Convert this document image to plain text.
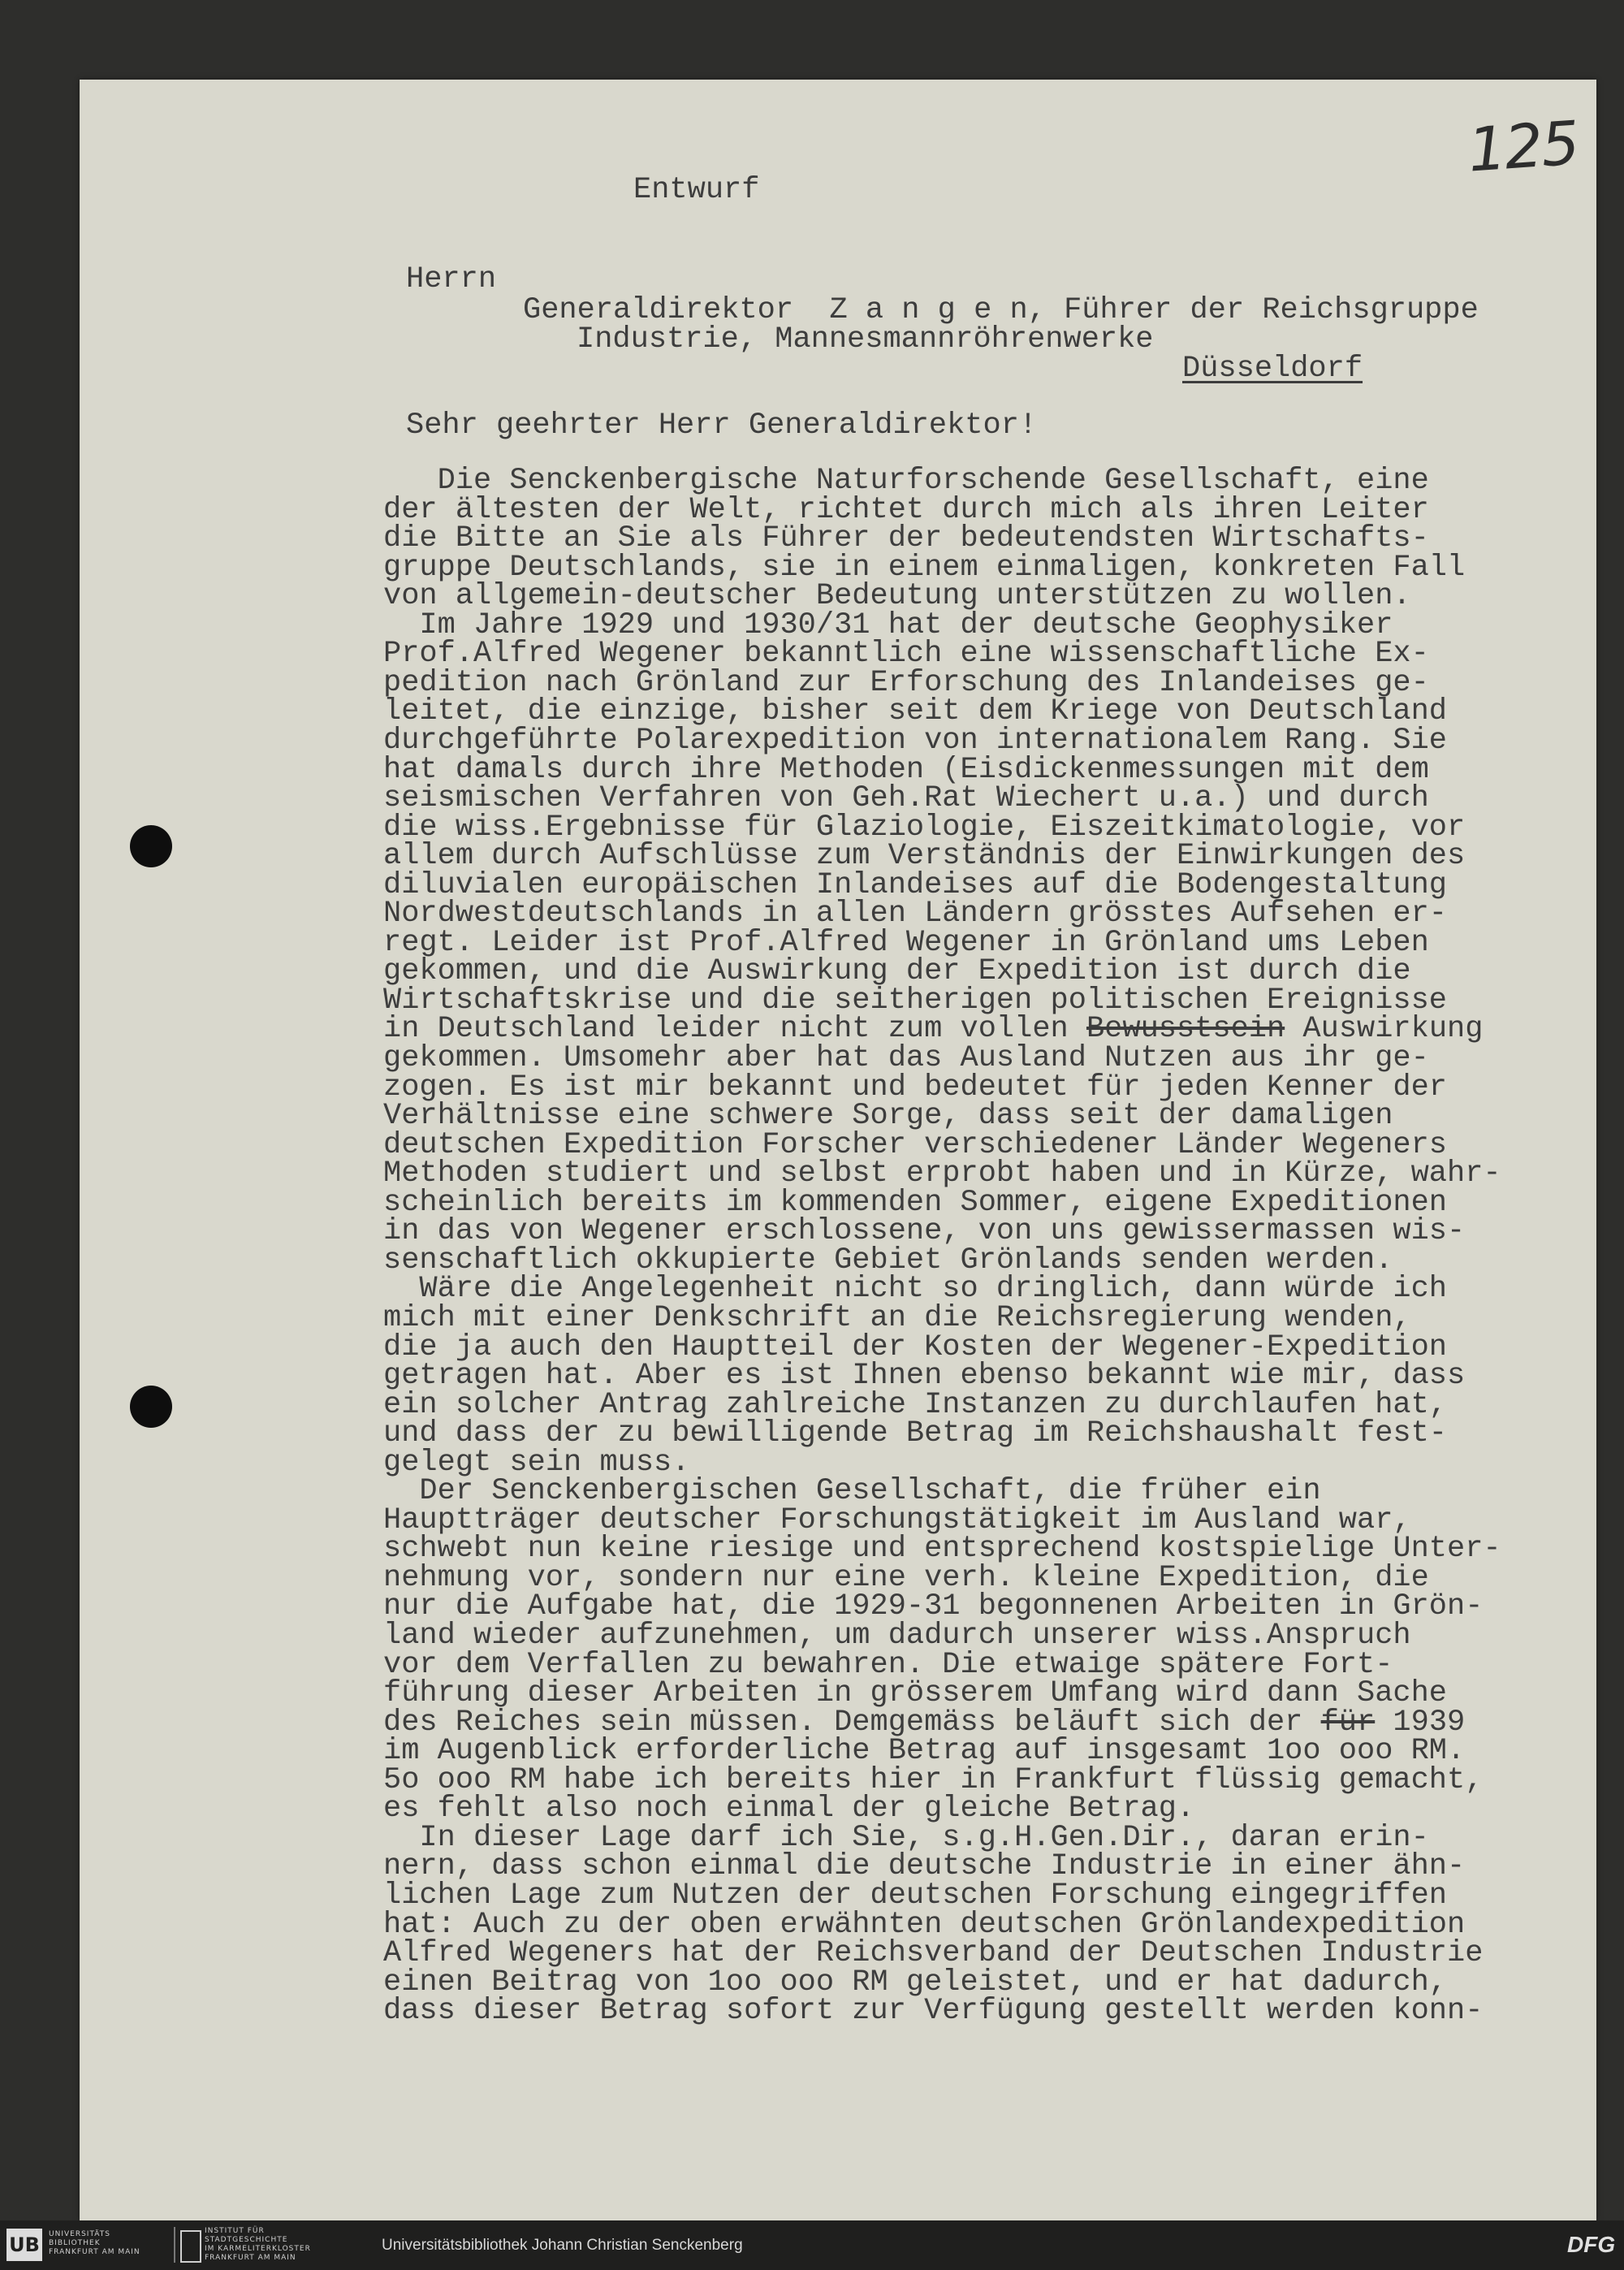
125
Entwurf
Herrn
Generaldirektor  Z a n g e n, Führer der Reichsgruppe
Industrie, Mannesmannröhrenwerke
Düsseldorf
Sehr geehrter Herr Generaldirektor!
Die Senckenbergische Naturforschende Gesellschaft, eine
der ältesten der Welt, richtet durch mich als ihren Leiter
die Bitte an Sie als Führer der bedeutendsten Wirtschafts-
gruppe Deutschlands, sie in einem einmaligen, konkreten Fall
von allgemein-deutscher Bedeutung unterstützen zu wollen.
Im Jahre 1929 und 1930/31 hat der deutsche Geophysiker
Prof.Alfred Wegener bekanntlich eine wissenschaftliche Ex-
pedition nach Grönland zur Erforschung des Inlandeises ge-
leitet, die einzige, bisher seit dem Kriege von Deutschland
durchgeführte Polarexpedition von internationalem Rang. Sie
hat damals durch ihre Methoden (Eisdickenmessungen mit dem
seismischen Verfahren von Geh.Rat Wiechert u.a.) und durch
die wiss.Ergebnisse für Glaziologie, Eiszeitkimatologie, vor
allem durch Aufschlüsse zum Verständnis der Einwirkungen des
diluvialen europäischen Inlandeises auf die Bodengestaltung
Nordwestdeutschlands in allen Ländern grösstes Aufsehen er-
regt. Leider ist Prof.Alfred Wegener in Grönland ums Leben
gekommen, und die Auswirkung der Expedition ist durch die
Wirtschaftskrise und die seitherigen politischen Ereignisse
in Deutschland leider nicht zum vollen Bewusstsein Auswirkung
gekommen. Umsomehr aber hat das Ausland Nutzen aus ihr ge-
zogen. Es ist mir bekannt und bedeutet für jeden Kenner der
Verhältnisse eine schwere Sorge, dass seit der damaligen
deutschen Expedition Forscher verschiedener Länder Wegeners
Methoden studiert und selbst erprobt haben und in Kürze, wahr-
scheinlich bereits im kommenden Sommer, eigene Expeditionen
in das von Wegener erschlossene, von uns gewissermassen wis-
senschaftlich okkupierte Gebiet Grönlands senden werden.
Wäre die Angelegenheit nicht so dringlich, dann würde ich
mich mit einer Denkschrift an die Reichsregierung wenden,
die ja auch den Hauptteil der Kosten der Wegener-Expedition
getragen hat. Aber es ist Ihnen ebenso bekannt wie mir, dass
ein solcher Antrag zahlreiche Instanzen zu durchlaufen hat,
und dass der zu bewilligende Betrag im Reichshaushalt fest-
gelegt sein muss.
Der Senckenbergischen Gesellschaft, die früher ein
Hauptträger deutscher Forschungstätigkeit im Ausland war,
schwebt nun keine riesige und entsprechend kostspielige Unter-
nehmung vor, sondern nur eine verh. kleine Expedition, die
nur die Aufgabe hat, die 1929-31 begonnenen Arbeiten in Grön-
land wieder aufzunehmen, um dadurch unserer wiss.Anspruch
vor dem Verfallen zu bewahren. Die etwaige spätere Fort-
führung dieser Arbeiten in grösserem Umfang wird dann Sache
des Reiches sein müssen. Demgemäss beläuft sich der für 1939
im Augenblick erforderliche Betrag auf insgesamt 1oo ooo RM.
5o ooo RM habe ich bereits hier in Frankfurt flüssig gemacht,
es fehlt also noch einmal der gleiche Betrag.
In dieser Lage darf ich Sie, s.g.H.Gen.Dir., daran erin-
nern, dass schon einmal die deutsche Industrie in einer ähn-
lichen Lage zum Nutzen der deutschen Forschung eingegriffen
hat: Auch zu der oben erwähnten deutschen Grönlandexpedition
Alfred Wegeners hat der Reichsverband der Deutschen Industrie
einen Beitrag von 1oo ooo RM geleistet, und er hat dadurch,
dass dieser Betrag sofort zur Verfügung gestellt werden konn-
UB	UNIVERSITÄTS
BIBLIOTHEK
FRANKFURT AM MAIN
INSTITUT FÜR
STADTGESCHICHTE
IM KARMELITERKLOSTER
FRANKFURT AM MAIN
Universitätsbibliothek Johann Christian Senckenberg	DFG
